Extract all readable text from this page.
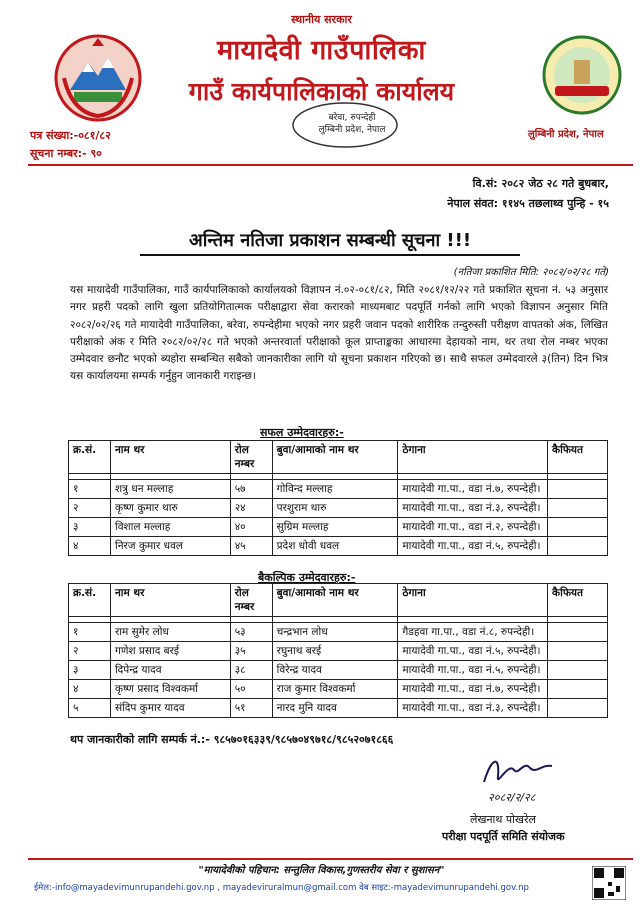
स्थानीय सरकार
मायादेवी गाउँपालिका
गाउँ कार्यपालिकाको कार्यालय
लुम्बिनी प्रदेश, नेपाल
पत्र संख्या:-०८१/८२
सूचना नम्बर:- ९०
बरेवा, रुपन्देही
लुम्बिनी प्रदेश, नेपाल
वि.सं: २०८२ जेठ २८ गते बुधबार,
नेपाल संवत: ११४५ तछलाथ्व पुन्हि - १५
अन्तिम नतिजा प्रकाशन सम्बन्धी सूचना !!!
(नतिजा प्रकाशित मिति: २०८२/०२/२८ गते)
यस मायादेवी गाउँपालिका, गाउँ कार्यपालिकाको कार्यालयको विज्ञापन नं.०२-०८१/८२, मिति २०८१/१२/२२ गते प्रकाशित सूचना नं. ५३ अनुसार नगर प्रहरी पदको लागि खुला प्रतियोगितात्मक परीक्षाद्वारा सेवा करारको माध्यमबाट पदपूर्ति गर्नको लागि भएको विज्ञापन अनुसार मिति २०८२/०२/२६ गते मायादेवी गाउँपालिका, बरेवा, रुपन्देहीमा भएको नगर प्रहरी जवान पदको शारीरिक तन्दुरुस्ती परीक्षण वापतको अंक, लिखित परीक्षाको अंक र मिति २०८२/०२/२८ गते भएको अन्तरवार्ता परीक्षाको कूल प्राप्ताङ्कका आधारमा देहायको नाम, थर तथा रोल नम्बर भएका उम्मेदवार छनौट भएको ब्यहोरा सम्बन्धित सबैको जानकारीका लागि यो सूचना प्रकाशन गरिएको छ। साथै सफल उम्मेदवारले ३(तिन) दिन भित्र यस कार्यालयमा सम्पर्क गर्नुहुन जानकारी गराइन्छ।
सफल उम्मेदवारहरु:-
क्र.सं.	नाम थर	रोल नम्बर	बुवा/आमाको नाम थर	ठेगाना	कैफियत

१	शत्रु धन मल्लाह	५७	गोविन्द मल्लाह	मायादेवी गा.पा., वडा नं.७, रुपन्देही।	
२	कृष्ण कुमार थारु	२४	परशुराम थारु	मायादेवी गा.पा., वडा नं.३, रुपन्देही।	
३	विशाल मल्लाह	४०	सुग्रिम मल्लाह	मायादेवी गा.पा., वडा नं.२, रुपन्देही।	
४	निरज कुमार धवल	४५	प्रदेश धोवी धवल	मायादेवी गा.पा., वडा नं.५, रुपन्देही।	
बैकल्पिक उम्मेदवारहरु:-
क्र.सं.	नाम थर	रोल नम्बर	बुवा/आमाको नाम थर	ठेगाना	कैफियत

१	राम सुमेर लोध	५३	चन्द्रभान लोध	गैडहवा गा.पा., वडा नं.८, रुपन्देही।	
२	गणेश प्रसाद बरई	३५	रघुनाथ बरई	मायादेवी गा.पा., वडा नं.५, रुपन्देही।	
३	दिपेन्द्र यादव	३८	विरेन्द्र यादव	मायादेवी गा.पा., वडा नं.५, रुपन्देही।	
४	कृष्ण प्रसाद विश्वकर्मा	५०	राज कुमार विश्वकर्मा	मायादेवी गा.पा., वडा नं.७, रुपन्देही।	
५	संदिप कुमार यादव	५१	नारद मुनि यादव	मायादेवी गा.पा., वडा नं.३, रुपन्देही।	
थप जानकारीको लागि सम्पर्क नं.:- ९८५७०१६३३९/९८५७०४९७१८/९८५२०७१८६६
२०८२/२/२८
लेखनाथ पोखरेल
परीक्षा पदपूर्ति समिति संयोजक
"मायादेवीको पहिचान: सन्तुलित विकास,गुणस्तरीय सेवा र सुशासन"
ईमेल:-info@mayadevimunrupandehi.gov.np , mayadeviruralmun@gmail.com वेब साइट:-mayadevimunrupandehi.gov.np
